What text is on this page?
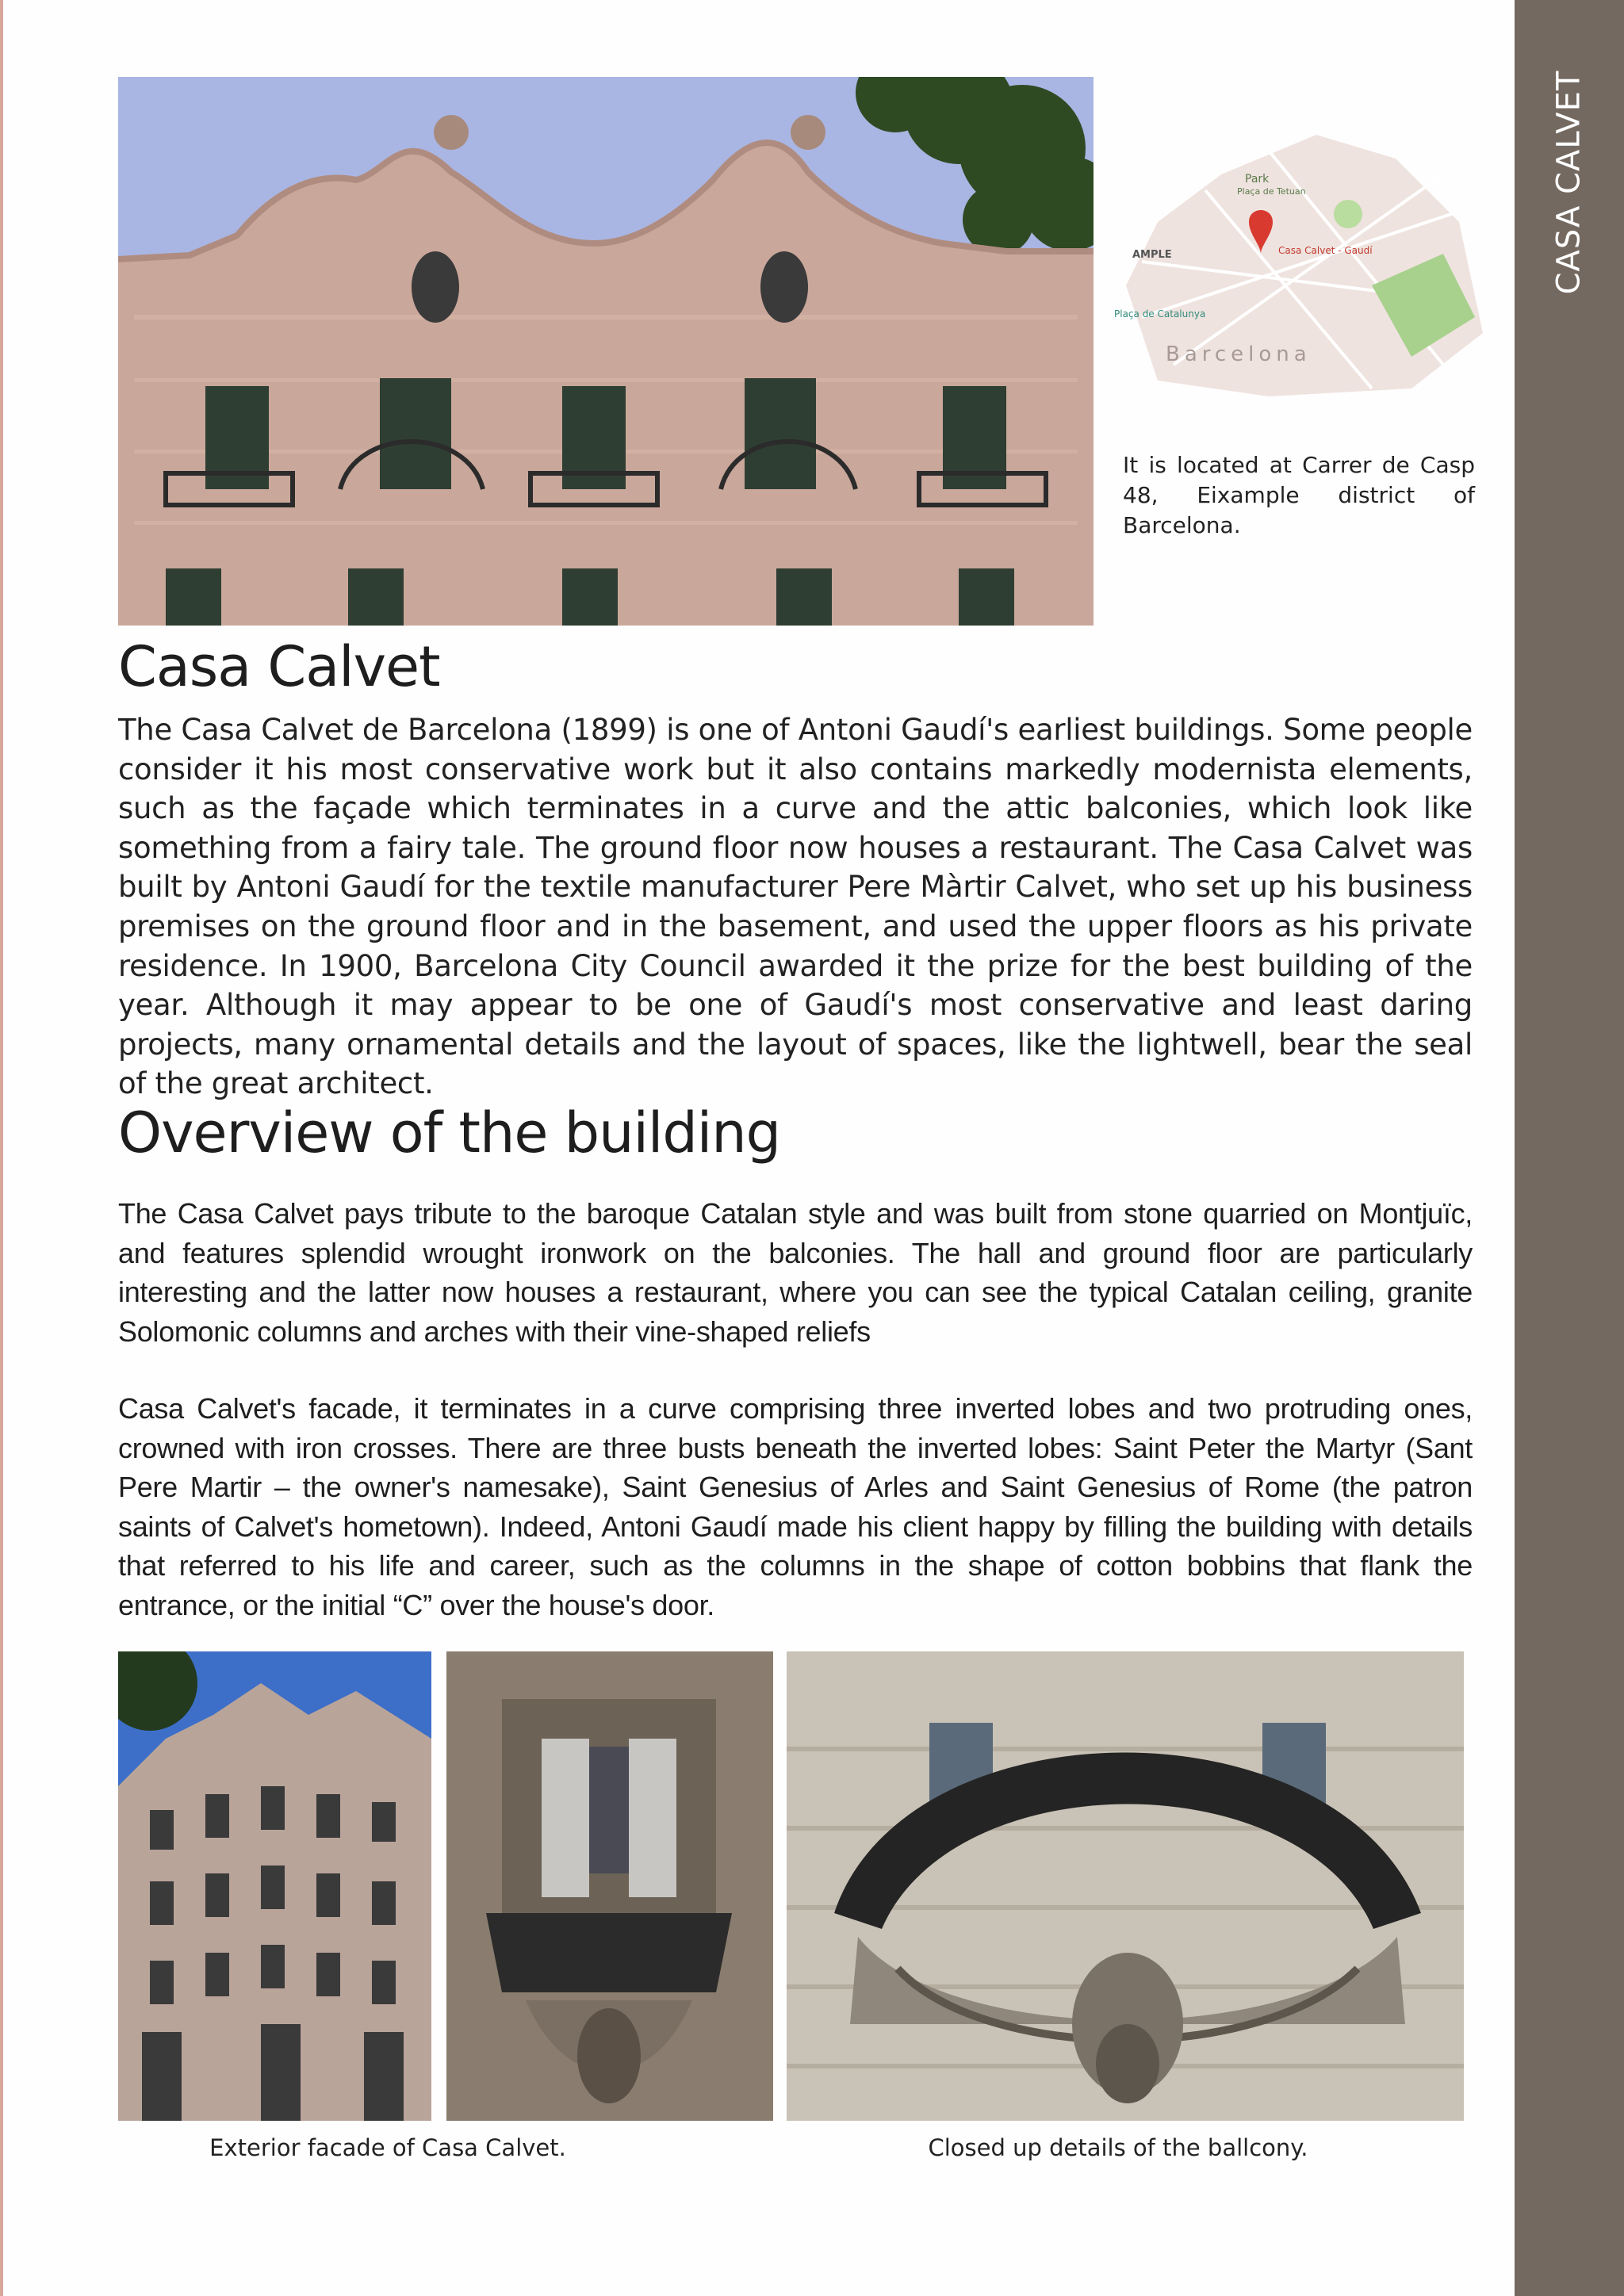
CASA CALVET
Park
Plaça de Tetuan
Casa Calvet - Gaudí
AMPLE
Plaça de Catalunya
Barcelona

It is located at Carrer de Casp 48, Eixample district of Barcelona.

Casa Calvet

The Casa Calvet de Barcelona (1899) is one of Antoni Gaudí's earliest buildings. Some people consider it his most conservative work but it also contains markedly modernista elements, such as the façade which terminates in a curve and the attic balconies, which look like something from a fairy tale. The ground floor now houses a restaurant. The Casa Calvet was built by Antoni Gaudí for the textile manufacturer Pere Màrtir Calvet, who set up his business premises on the ground floor and in the basement, and used the upper floors as his private residence. In 1900, Barcelona City Council awarded it the prize for the best building of the year. Although it may appear to be one of Gaudí's most conservative and least daring projects, many ornamental details and the layout of spaces, like the lightwell, bear the seal of the great architect.

Overview of the building

The Casa Calvet pays tribute to the baroque Catalan style and was built from stone quarried on Montjuïc, and features splendid wrought ironwork on the balconies. The hall and ground floor are particularly interesting and the latter now houses a restaurant, where you can see the typical Catalan ceiling, granite Solomonic columns and arches with their vine-shaped reliefs

Casa Calvet's facade, it terminates in a curve comprising three inverted lobes and two protruding ones, crowned with iron crosses. There are three busts beneath the inverted lobes: Saint Peter the Martyr (Sant Pere Martir – the owner's namesake), Saint Genesius of Arles and Saint Genesius of Rome (the patron saints of Calvet's hometown). Indeed, Antoni Gaudí made his client happy by filling the building with details that referred to his life and career, such as the columns in the shape of cotton bobbins that flank the entrance, or the initial “C” over the house's door.

Exterior facade of Casa Calvet.	Closed up details of the ballcony.
